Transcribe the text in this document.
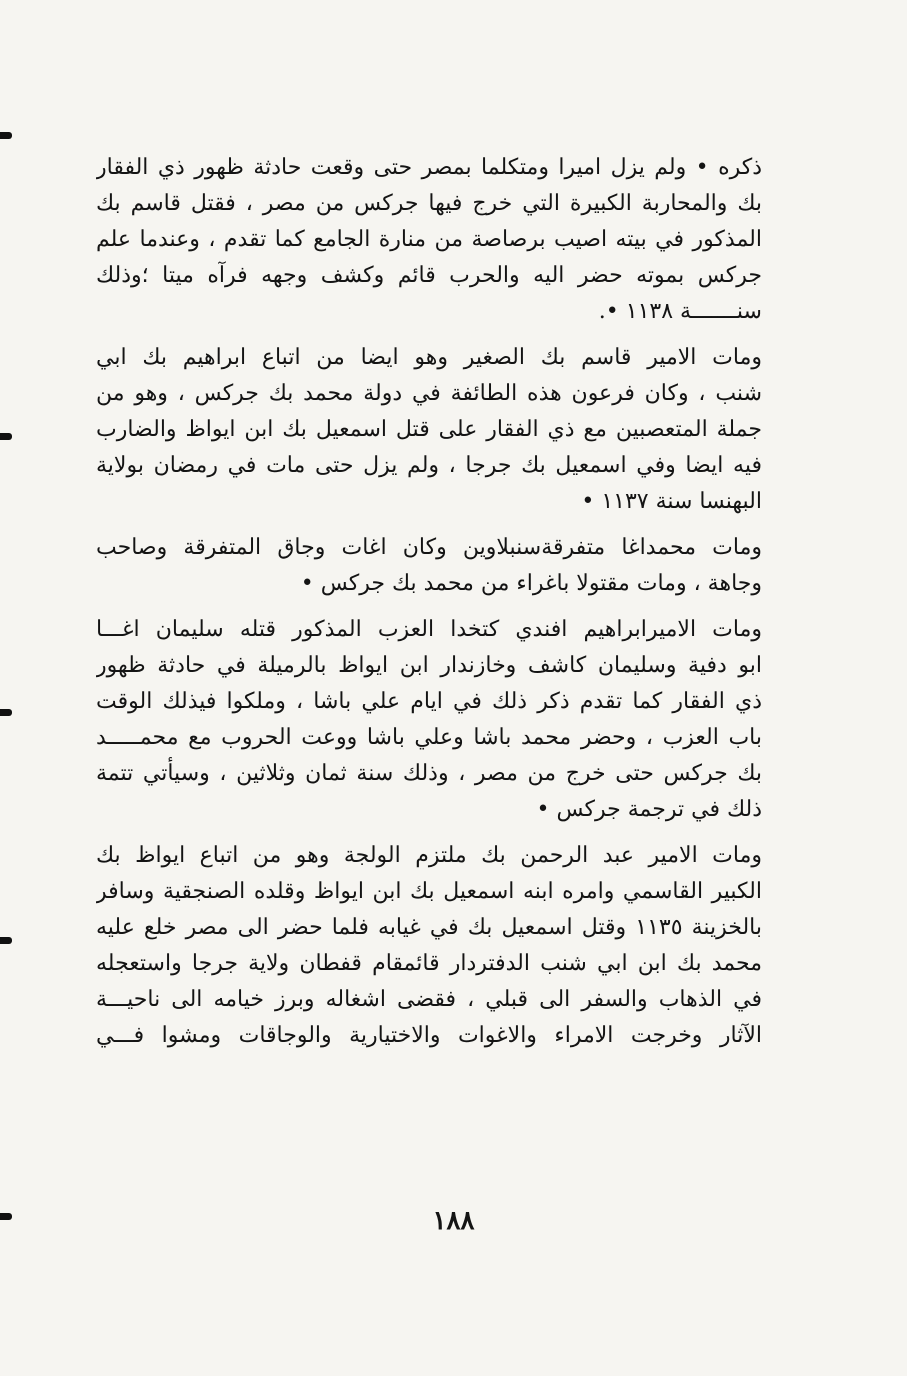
ذكره • ولم يزل اميرا ومتكلما بمصر حتى وقعت حادثة ظهور ذي الفقار
بك والمحاربة الكبيرة التي خرج فيها جركس من مصر ، فقتل قاسم بك
المذكور في بيته اصيب برصاصة من منارة الجامع كما تقدم ، وعندما علم
جركس بموته حضر اليه والحرب قائم وكشف وجهه فرآه ميتا ؛وذلك
سنـــــــة ١١٣٨ •.
ومات الامير قاسم بك الصغير وهو ايضا من اتباع ابراهيم بك ابي
شنب ، وكان فرعون هذه الطائفة في دولة محمد بك جركس ، وهو من
جملة المتعصبين مع ذي الفقار على قتل اسمعيل بك ابن ايواظ والضارب
فيه ايضا وفي اسمعيل بك جرجا ، ولم يزل حتى مات في رمضان بولاية
البهنسا سنة ١١٣٧ •
ومات محمداغا متفرقةسنبلاوين وكان اغات وجاق المتفرقة وصاحب
وجاهة ، ومات مقتولا باغراء من محمد بك جركس •
ومات الاميرابراهيم افندي كتخدا العزب المذكور قتله سليمان اغـــا
ابو دفية وسليمان كاشف وخازندار ابن ايواظ بالرميلة في حادثة ظهور
ذي الفقار كما تقدم ذكر ذلك في ايام علي باشا ، وملكوا فيذلك الوقت
باب العزب ، وحضر محمد باشا وعلي باشا ووعت الحروب مع محمـــــد
بك جركس حتى خرج من مصر ، وذلك سنة ثمان وثلاثين ، وسيأتي تتمة
ذلك في ترجمة جركس •
ومات الامير عبد الرحمن بك ملتزم الولجة وهو من اتباع ايواظ بك
الكبير القاسمي وامره ابنه اسمعيل بك ابن ايواظ وقلده الصنجقية وسافر
بالخزينة ١١٣٥ وقتل اسمعيل بك في غيابه فلما حضر الى مصر خلع عليه
محمد بك ابن ابي شنب الدفتردار قائمقام قفطان ولاية جرجا واستعجله
في الذهاب والسفر الى قبلي ، فقضى اشغاله وبرز خيامه الى ناحيـــة
الآثار وخرجت الامراء والاغوات والاختيارية والوجاقات ومشوا فـــي
١٨٨
